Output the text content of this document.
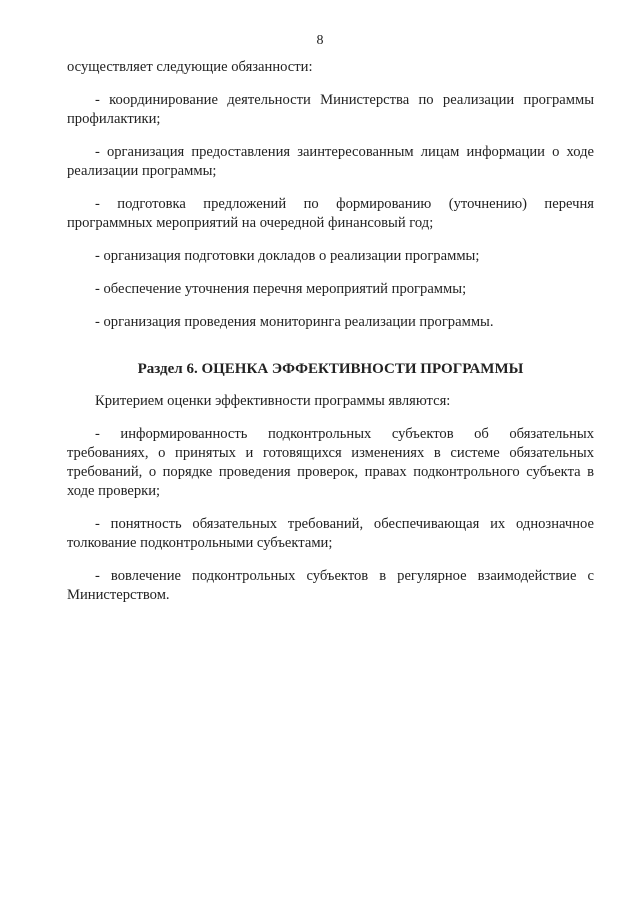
8

осуществляет следующие обязанности:

- координирование деятельности Министерства по реализации программы профилактики;

- организация предоставления заинтересованным лицам информации о ходе реализации программы;

- подготовка предложений по формированию (уточнению) перечня программных мероприятий на очередной финансовый год;

- организация подготовки докладов о реализации программы;

- обеспечение уточнения перечня мероприятий программы;

- организация проведения мониторинга реализации программы.

Раздел 6. ОЦЕНКА ЭФФЕКТИВНОСТИ ПРОГРАММЫ

Критерием оценки эффективности программы являются:

- информированность подконтрольных субъектов об обязательных требованиях, о принятых и готовящихся изменениях в системе обязательных требований, о порядке проведения проверок, правах подконтрольного субъекта в ходе проверки;

- понятность обязательных требований, обеспечивающая их однозначное толкование подконтрольными субъектами;

- вовлечение подконтрольных субъектов в регулярное взаимодействие с Министерством.
